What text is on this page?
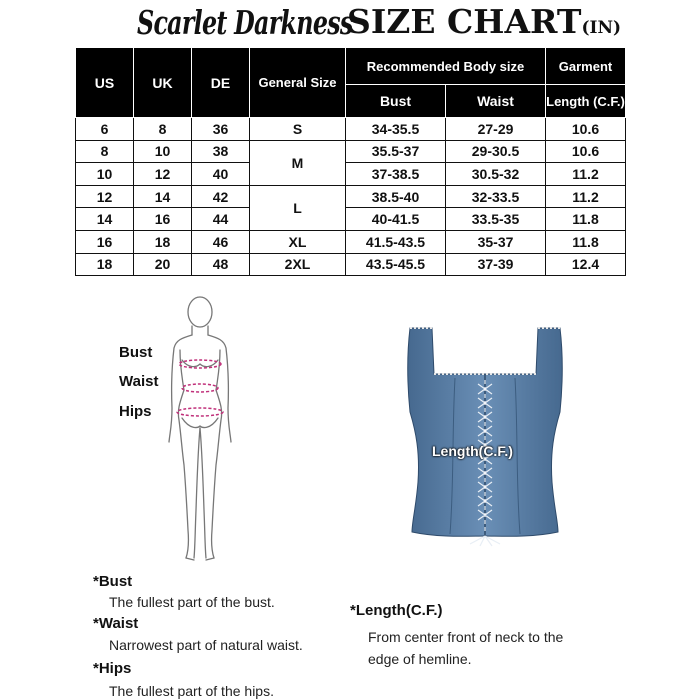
Scarlet Darkness
SIZE CHART(IN)
US	UK	DE	General Size	Recommended Body size		Garment
				Bust	Waist	Length (C.F.)
6	8	36	S	34-35.5	27-29	10.6
8	10	38	M	35.5-37	29-30.5	10.6
10	12	40		37-38.5	30.5-32	11.2
12	14	42	L	38.5-40	32-33.5	11.2
14	16	44		40-41.5	33.5-35	11.8
16	18	46	XL	41.5-43.5	35-37	11.8
18	20	48	2XL	43.5-45.5	37-39	12.4
Bust
Waist
Hips
Length(C.F.)
*Bust
The fullest part of the bust.
*Waist
Narrowest part of natural waist.
*Hips
The fullest part of the hips.
*Length(C.F.)
From center front of neck to the
edge of hemline.
